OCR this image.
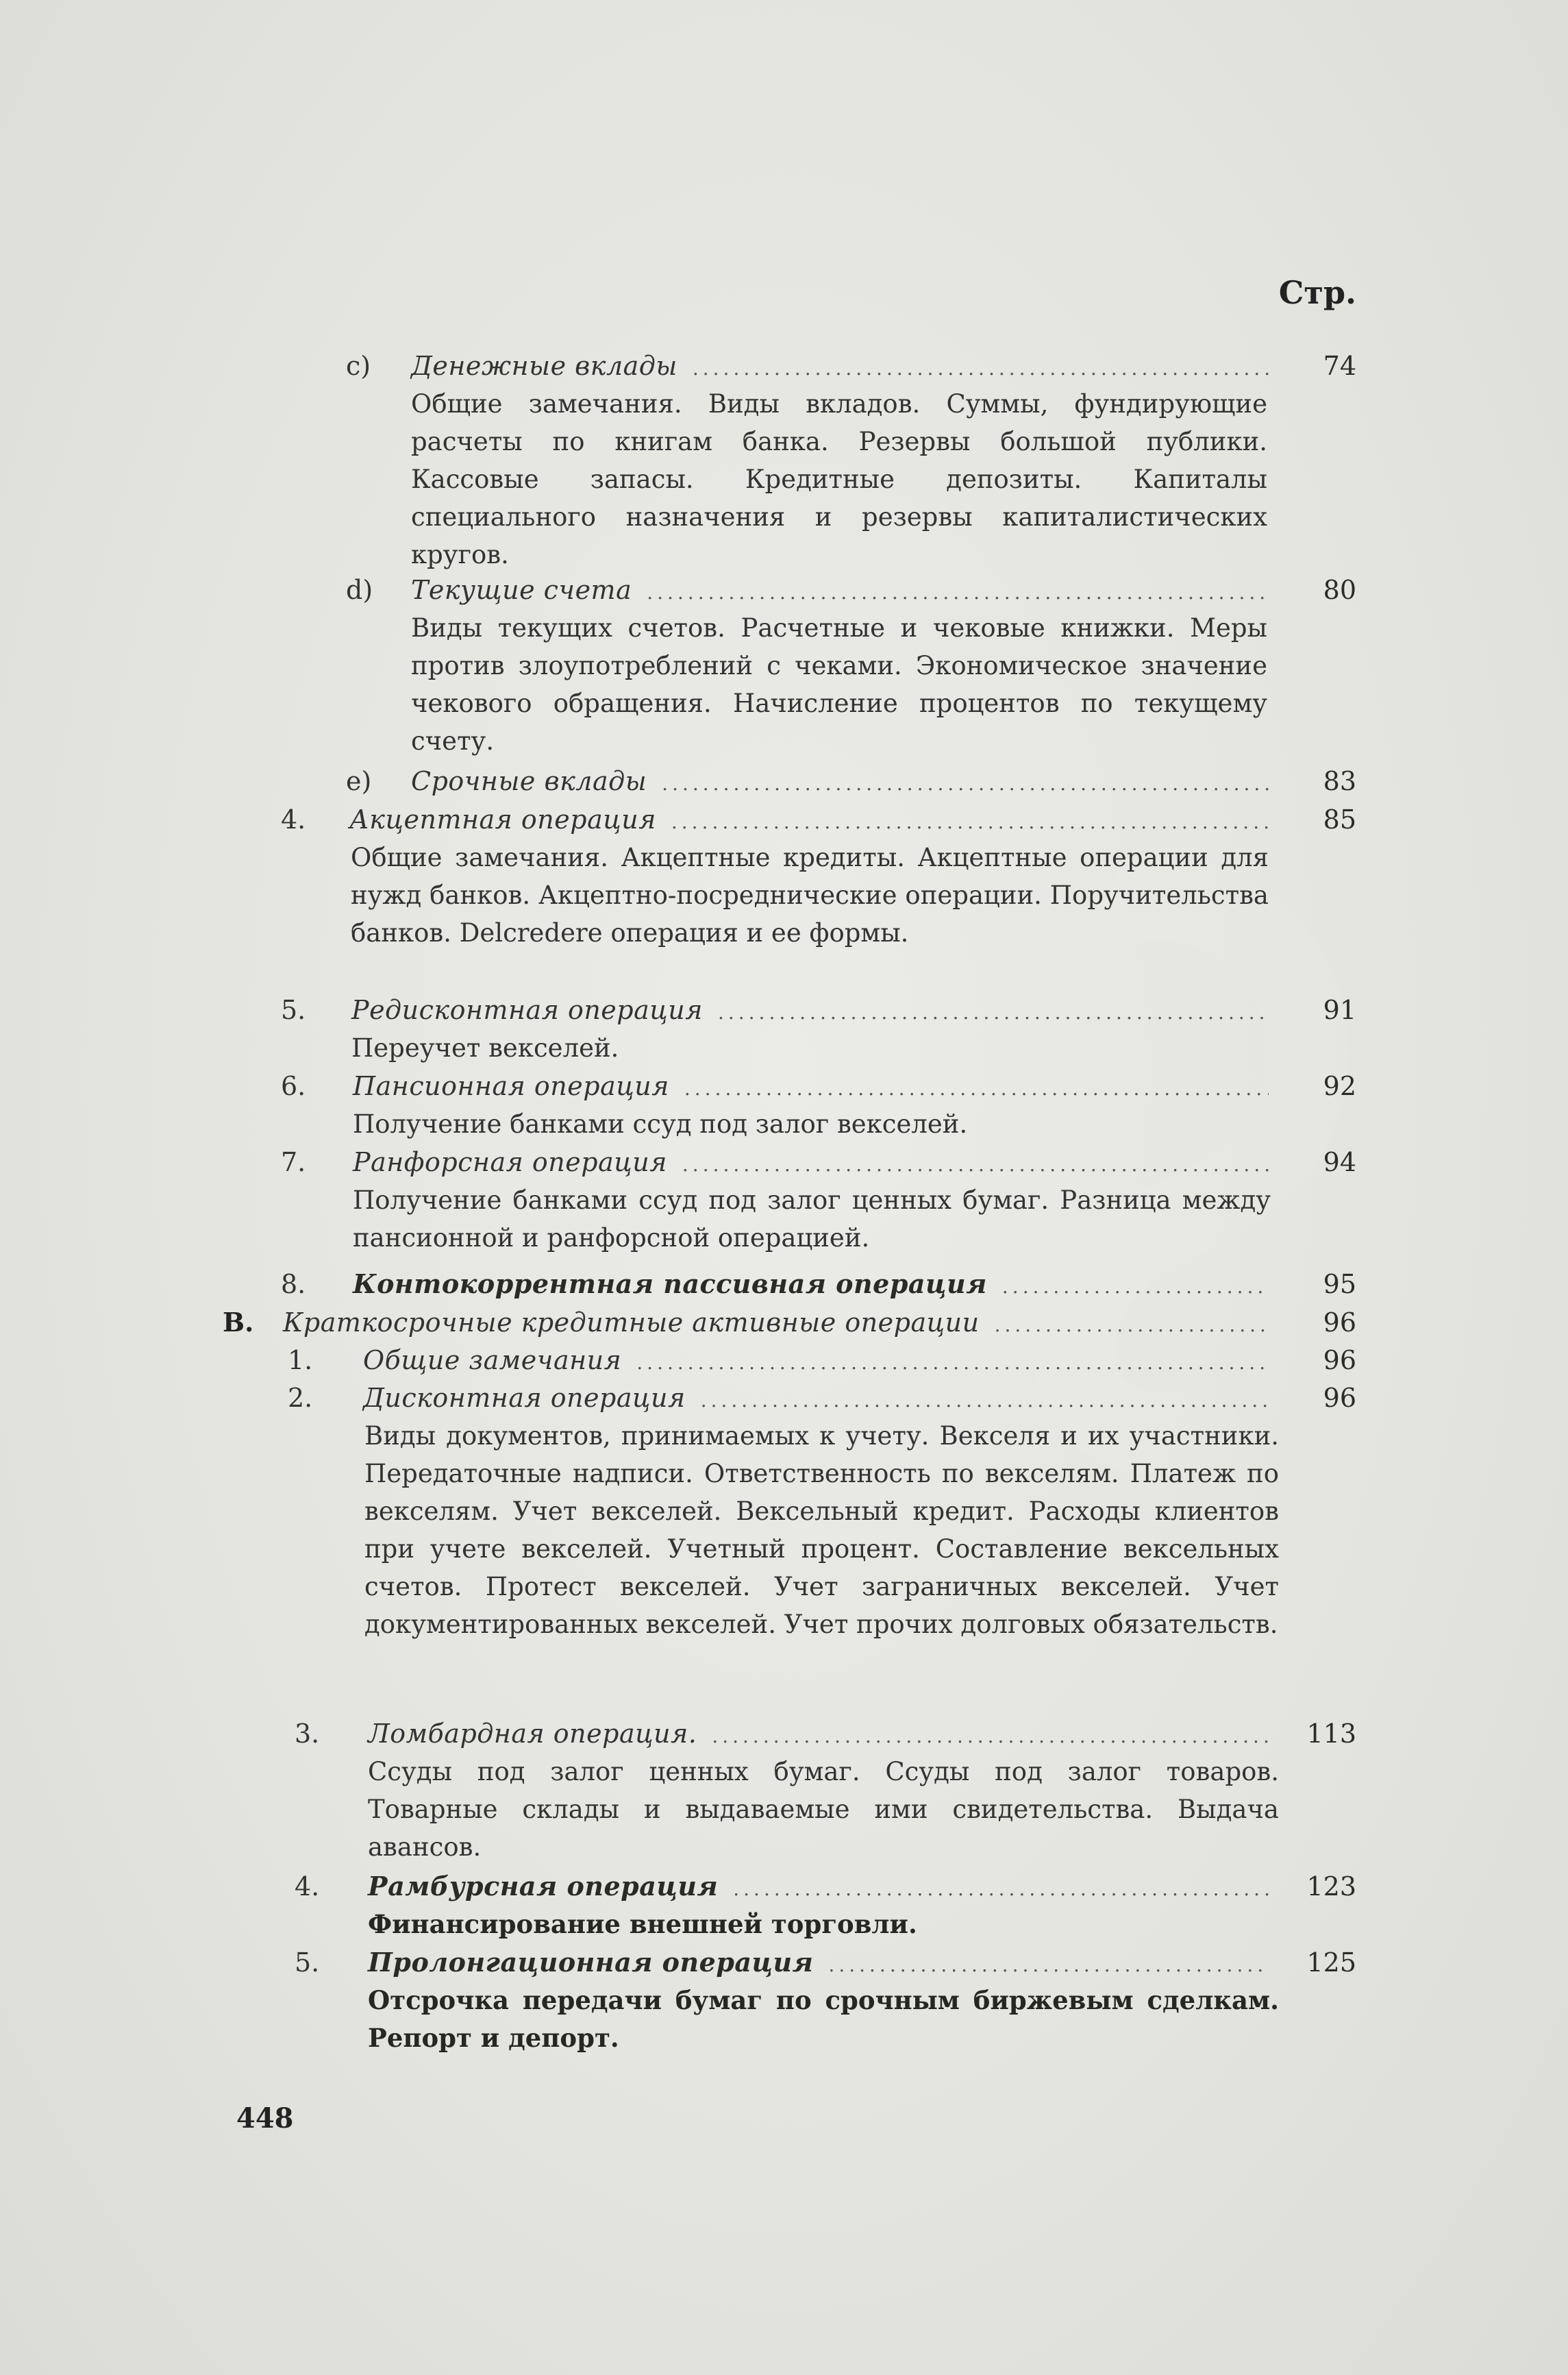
Стр.
c)	Денежные вклады .....	74
Общие замечания. Виды вкладов. Суммы, фундирующие расчеты по книгам банка. Резервы большой публики. Кассовые запасы. Кредитные депозиты. Капиталы специального назначения и резервы капиталистических кругов.
d)	Текущие счета .....	80
Виды текущих счетов. Расчетные и чековые книжки. Меры против злоупотреблений с чеками. Экономическое значение чекового обращения. Начисление процентов по текущему счету.
e)	Срочные вклады .....	83
4.	Акцептная операция .....	85
Общие замечания. Акцептные кредиты. Акцептные операции для нужд банков. Акцептно-посреднические операции. Поручительства банков. Delcredere операция и ее формы.
5.	Редисконтная операция .....	91
Переучет векселей.
6.	Пансионная операция .....	92
Получение банками ссуд под залог векселей.
7.	Ранфорсная операция .....	94
Получение банками ссуд под залог ценных бумаг. Разница между пансионной и ранфорсной операцией.
8.	Контокоррентная пассивная операция .....	95
B.	Краткосрочные кредитные активные операции .....	96
1.	Общие замечания .....	96
2.	Дисконтная операция .....	96
Виды документов, принимаемых к учету. Векселя и их участники. Передаточные надписи. Ответственность по векселям. Платеж по векселям. Учет векселей. Вексельный кредит. Расходы клиентов при учете векселей. Учетный процент. Составление вексельных счетов. Протест векселей. Учет заграничных векселей. Учет документированных векселей. Учет прочих долговых обязательств.
3.	Ломбардная операция. .....	113
Ссуды под залог ценных бумаг. Ссуды под залог товаров. Товарные склады и выдаваемые ими свидетельства. Выдача авансов.
4.	Рамбурсная операция .....	123
Финансирование внешней торговли.
5.	Пролонгационная операция .....	125
Отсрочка передачи бумаг по срочным биржевым сделкам. Репорт и депорт.
448
